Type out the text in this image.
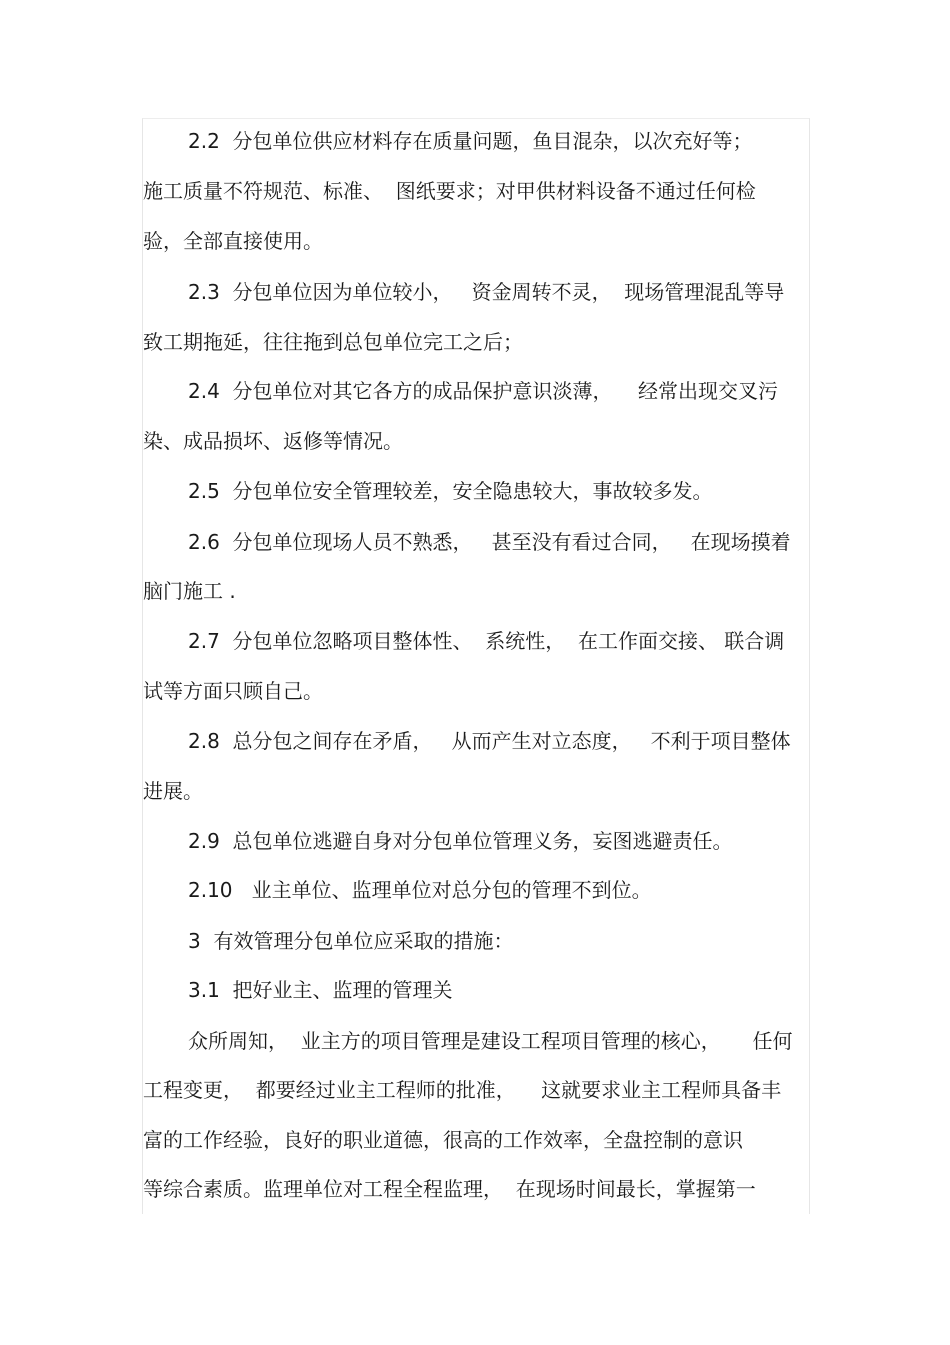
2.2  分包单位供应材料存在质量问题，鱼目混杂，以次充好等；
施工质量不符规范、标准、  图纸要求；对甲供材料设备不通过任何检
验，全部直接使用。
2.3  分包单位因为单位较小，   资金周转不灵，  现场管理混乱等导
致工期拖延，往往拖到总包单位完工之后；
2.4  分包单位对其它各方的成品保护意识淡薄，    经常出现交叉污
染、成品损坏、返修等情况。
2.5  分包单位安全管理较差，安全隐患较大，事故较多发。
2.6  分包单位现场人员不熟悉，   甚至没有看过合同，   在现场摸着
脑门施工 .
2.7  分包单位忽略项目整体性、  系统性，  在工作面交接、 联合调
试等方面只顾自己。
2.8  总分包之间存在矛盾，   从而产生对立态度，   不利于项目整体
进展。
2.9  总包单位逃避自身对分包单位管理义务，妄图逃避责任。
2.10   业主单位、监理单位对总分包的管理不到位。
3  有效管理分包单位应采取的措施：
3.1  把好业主、监理的管理关
众所周知，  业主方的项目管理是建设工程项目管理的核心，     任何
工程变更，  都要经过业主工程师的批准，    这就要求业主工程师具备丰
富的工作经验，良好的职业道德，很高的工作效率，全盘控制的意识
等综合素质。监理单位对工程全程监理，  在现场时间最长，掌握第一
